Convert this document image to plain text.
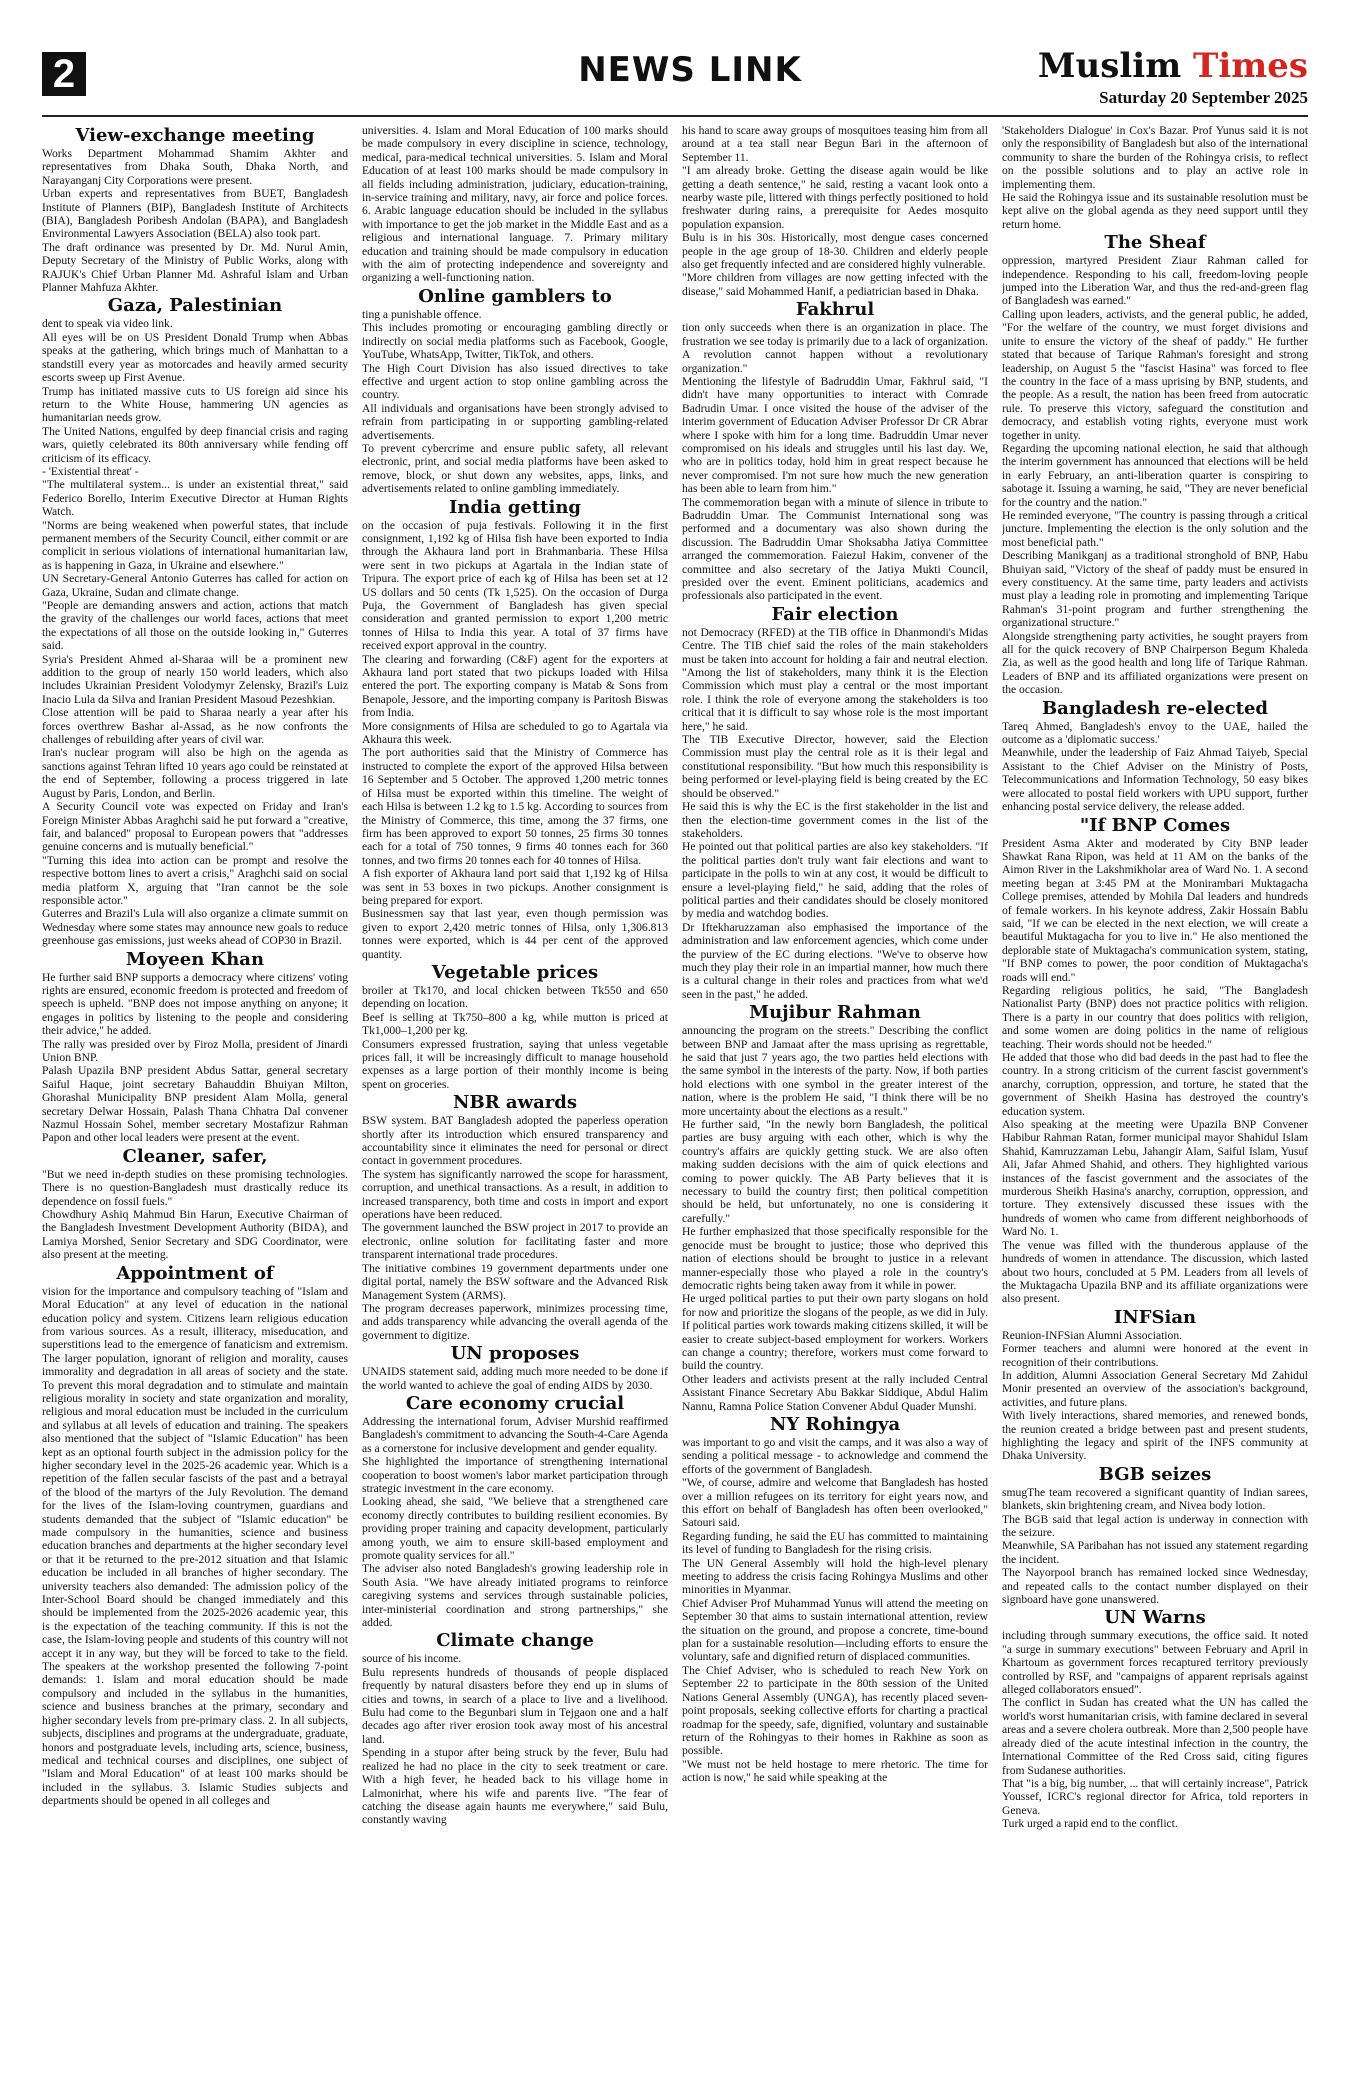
2	NEWS LINK	Muslim Times
Saturday 20 September 2025
View-exchange meeting

Works Department Mohammad Shamim Akhter and representatives from Dhaka South, Dhaka North, and Narayanganj City Corporations were present.

Urban experts and representatives from BUET, Bangladesh Institute of Planners (BIP), Bangladesh Institute of Architects (BIA), Bangladesh Poribesh Andolan (BAPA), and Bangladesh Environmental Lawyers Association (BELA) also took part.

The draft ordinance was presented by Dr. Md. Nurul Amin, Deputy Secretary of the Ministry of Public Works, along with RAJUK's Chief Urban Planner Md. Ashraful Islam and Urban Planner Mahfuza Akhter.

Gaza, Palestinian

dent to speak via video link.

All eyes will be on US President Donald Trump when Abbas speaks at the gathering, which brings much of Manhattan to a standstill every year as motorcades and heavily armed security escorts sweep up First Avenue.

Trump has initiated massive cuts to US foreign aid since his return to the White House, hammering UN agencies as humanitarian needs grow.

The United Nations, engulfed by deep financial crisis and raging wars, quietly celebrated its 80th anniversary while fending off criticism of its efficacy.

- 'Existential threat' -

"The multilateral system... is under an existential threat," said Federico Borello, Interim Executive Director at Human Rights Watch.

"Norms are being weakened when powerful states, that include permanent members of the Security Council, either commit or are complicit in serious violations of international humanitarian law, as is happening in Gaza, in Ukraine and elsewhere."

UN Secretary-General Antonio Guterres has called for action on Gaza, Ukraine, Sudan and climate change.

"People are demanding answers and action, actions that match the gravity of the challenges our world faces, actions that meet the expectations of all those on the outside looking in," Guterres said.

Syria's President Ahmed al-Sharaa will be a prominent new addition to the group of nearly 150 world leaders, which also includes Ukrainian President Volodymyr Zelensky, Brazil's Luiz Inacio Lula da Silva and Iranian President Masoud Pezeshkian.

Close attention will be paid to Sharaa nearly a year after his forces overthrew Bashar al-Assad, as he now confronts the challenges of rebuilding after years of civil war.

Iran's nuclear program will also be high on the agenda as sanctions against Tehran lifted 10 years ago could be reinstated at the end of September, following a process triggered in late August by Paris, London, and Berlin.

A Security Council vote was expected on Friday and Iran's Foreign Minister Abbas Araghchi said he put forward a "creative, fair, and balanced" proposal to European powers that "addresses genuine concerns and is mutually beneficial."

"Turning this idea into action can be prompt and resolve the respective bottom lines to avert a crisis," Araghchi said on social media platform X, arguing that "Iran cannot be the sole responsible actor."

Guterres and Brazil's Lula will also organize a climate summit on Wednesday where some states may announce new goals to reduce greenhouse gas emissions, just weeks ahead of COP30 in Brazil.

Moyeen Khan

He further said BNP supports a democracy where citizens' voting rights are ensured, economic freedom is protected and freedom of speech is upheld. "BNP does not impose anything on anyone; it engages in politics by listening to the people and considering their advice," he added.

The rally was presided over by Firoz Molla, president of Jinardi Union BNP.

Palash Upazila BNP president Abdus Sattar, general secretary Saiful Haque, joint secretary Bahauddin Bhuiyan Milton, Ghorashal Municipality BNP president Alam Molla, general secretary Delwar Hossain, Palash Thana Chhatra Dal convener Nazmul Hossain Sohel, member secretary Mostafizur Rahman Papon and other local leaders were present at the event.

Cleaner, safer,

"But we need in-depth studies on these promising technologies. There is no question-Bangladesh must drastically reduce its dependence on fossil fuels."

Chowdhury Ashiq Mahmud Bin Harun, Executive Chairman of the Bangladesh Investment Development Authority (BIDA), and Lamiya Morshed, Senior Secretary and SDG Coordinator, were also present at the meeting.

Appointment of

vision for the importance and compulsory teaching of "Islam and Moral Education" at any level of education in the national education policy and system. Citizens learn religious education from various sources. As a result, illiteracy, miseducation, and superstitions lead to the emergence of fanaticism and extremism. The larger population, ignorant of religion and morality, causes immorality and degradation in all areas of society and the state. To prevent this moral degradation and to stimulate and maintain religious morality in society and state organization and morality, religious and moral education must be included in the curriculum and syllabus at all levels of education and training. The speakers also mentioned that the subject of "Islamic Education" has been kept as an optional fourth subject in the admission policy for the higher secondary level in the 2025-26 academic year. Which is a repetition of the fallen secular fascists of the past and a betrayal of the blood of the martyrs of the July Revolution. The demand for the lives of the Islam-loving countrymen, guardians and students demanded that the subject of "Islamic education" be made compulsory in the humanities, science and business education branches and departments at the higher secondary level or that it be returned to the pre-2012 situation and that Islamic education be included in all branches of higher secondary. The university teachers also demanded: The admission policy of the Inter-School Board should be changed immediately and this should be implemented from the 2025-2026 academic year, this is the expectation of the teaching community. If this is not the case, the Islam-loving people and students of this country will not accept it in any way, but they will be forced to take to the field. The speakers at the workshop presented the following 7-point demands: 1. Islam and moral education should be made compulsory and included in the syllabus in the humanities, science and business branches at the primary, secondary and higher secondary levels from pre-primary class. 2. In all subjects, subjects, disciplines and programs at the undergraduate, graduate, honors and postgraduate levels, including arts, science, business, medical and technical courses and disciplines, one subject of "Islam and Moral Education" of at least 100 marks should be included in the syllabus. 3. Islamic Studies subjects and departments should be opened in all colleges and

universities. 4. Islam and Moral Education of 100 marks should be made compulsory in every discipline in science, technology, medical, para-medical technical universities. 5. Islam and Moral Education of at least 100 marks should be made compulsory in all fields including administration, judiciary, education-training, in-service training and military, navy, air force and police forces. 6. Arabic language education should be included in the syllabus with importance to get the job market in the Middle East and as a religious and international language. 7. Primary military education and training should be made compulsory in education with the aim of protecting independence and sovereignty and organizing a well-functioning nation.

Online gamblers to

ting a punishable offence.

This includes promoting or encouraging gambling directly or indirectly on social media platforms such as Facebook, Google, YouTube, WhatsApp, Twitter, TikTok, and others.

The High Court Division has also issued directives to take effective and urgent action to stop online gambling across the country.

All individuals and organisations have been strongly advised to refrain from participating in or supporting gambling-related advertisements.

To prevent cybercrime and ensure public safety, all relevant electronic, print, and social media platforms have been asked to remove, block, or shut down any websites, apps, links, and advertisements related to online gambling immediately.

India getting

on the occasion of puja festivals. Following it in the first consignment, 1,192 kg of Hilsa fish have been exported to India through the Akhaura land port in Brahmanbaria. These Hilsa were sent in two pickups at Agartala in the Indian state of Tripura. The export price of each kg of Hilsa has been set at 12 US dollars and 50 cents (Tk 1,525). On the occasion of Durga Puja, the Government of Bangladesh has given special consideration and granted permission to export 1,200 metric tonnes of Hilsa to India this year. A total of 37 firms have received export approval in the country.

The clearing and forwarding (C&F) agent for the exporters at Akhaura land port stated that two pickups loaded with Hilsa entered the port. The exporting company is Matab & Sons from Benapole, Jessore, and the importing company is Paritosh Biswas from India.

More consignments of Hilsa are scheduled to go to Agartala via Akhaura this week.

The port authorities said that the Ministry of Commerce has instructed to complete the export of the approved Hilsa between 16 September and 5 October. The approved 1,200 metric tonnes of Hilsa must be exported within this timeline. The weight of each Hilsa is between 1.2 kg to 1.5 kg. According to sources from the Ministry of Commerce, this time, among the 37 firms, one firm has been approved to export 50 tonnes, 25 firms 30 tonnes each for a total of 750 tonnes, 9 firms 40 tonnes each for 360 tonnes, and two firms 20 tonnes each for 40 tonnes of Hilsa.

A fish exporter of Akhaura land port said that 1,192 kg of Hilsa was sent in 53 boxes in two pickups. Another consignment is being prepared for export.

Businessmen say that last year, even though permission was given to export 2,420 metric tonnes of Hilsa, only 1,306.813 tonnes were exported, which is 44 per cent of the approved quantity.

Vegetable prices

broiler at Tk170, and local chicken between Tk550 and 650 depending on location.

Beef is selling at Tk750–800 a kg, while mutton is priced at Tk1,000–1,200 per kg.

Consumers expressed frustration, saying that unless vegetable prices fall, it will be increasingly difficult to manage household expenses as a large portion of their monthly income is being spent on groceries.

NBR awards

BSW system. BAT Bangladesh adopted the paperless operation shortly after its introduction which ensured transparency and accountability since it eliminates the need for personal or direct contact in government procedures.

The system has significantly narrowed the scope for harassment, corruption, and unethical transactions. As a result, in addition to increased transparency, both time and costs in import and export operations have been reduced.

The government launched the BSW project in 2017 to provide an electronic, online solution for facilitating faster and more transparent international trade procedures.

The initiative combines 19 government departments under one digital portal, namely the BSW software and the Advanced Risk Management System (ARMS).

The program decreases paperwork, minimizes processing time, and adds transparency while advancing the overall agenda of the government to digitize.

UN proposes

UNAIDS statement said, adding much more needed to be done if the world wanted to achieve the goal of ending AIDS by 2030.

Care economy crucial

Addressing the international forum, Adviser Murshid reaffirmed Bangladesh's commitment to advancing the South-4-Care Agenda as a cornerstone for inclusive development and gender equality.

She highlighted the importance of strengthening international cooperation to boost women's labor market participation through strategic investment in the care economy.

Looking ahead, she said, "We believe that a strengthened care economy directly contributes to building resilient economies. By providing proper training and capacity development, particularly among youth, we aim to ensure skill-based employment and promote quality services for all."

The adviser also noted Bangladesh's growing leadership role in South Asia. "We have already initiated programs to reinforce caregiving systems and services through sustainable policies, inter-ministerial coordination and strong partnerships," she added.

Climate change

source of his income.

Bulu represents hundreds of thousands of people displaced frequently by natural disasters before they end up in slums of cities and towns, in search of a place to live and a livelihood. Bulu had come to the Begunbari slum in Tejgaon one and a half decades ago after river erosion took away most of his ancestral land.

Spending in a stupor after being struck by the fever, Bulu had realized he had no place in the city to seek treatment or care. With a high fever, he headed back to his village home in Lalmonirhat, where his wife and parents live. "The fear of catching the disease again haunts me everywhere," said Bulu, constantly waving

his hand to scare away groups of mosquitoes teasing him from all around at a tea stall near Begun Bari in the afternoon of September 11.

"I am already broke. Getting the disease again would be like getting a death sentence," he said, resting a vacant look onto a nearby waste pile, littered with things perfectly positioned to hold freshwater during rains, a prerequisite for Aedes mosquito population expansion.

Bulu is in his 30s. Historically, most dengue cases concerned people in the age group of 18-30. Children and elderly people also get frequently infected and are considered highly vulnerable.

"More children from villages are now getting infected with the disease," said Mohammed Hanif, a pediatrician based in Dhaka.

Fakhrul

tion only succeeds when there is an organization in place. The frustration we see today is primarily due to a lack of organization. A revolution cannot happen without a revolutionary organization."

Mentioning the lifestyle of Badruddin Umar, Fakhrul said, "I didn't have many opportunities to interact with Comrade Badrudin Umar. I once visited the house of the adviser of the interim government of Education Adviser Professor Dr CR Abrar where I spoke with him for a long time. Badruddin Umar never compromised on his ideals and struggles until his last day. We, who are in politics today, hold him in great respect because he never compromised. I'm not sure how much the new generation has been able to learn from him."

The commemoration began with a minute of silence in tribute to Badruddin Umar. The Communist International song was performed and a documentary was also shown during the discussion. The Badruddin Umar Shoksabha Jatiya Committee arranged the commemoration. Faiezul Hakim, convener of the committee and also secretary of the Jatiya Mukti Council, presided over the event. Eminent politicians, academics and professionals also participated in the event.

Fair election

not Democracy (RFED) at the TIB office in Dhanmondi's Midas Centre. The TIB chief said the roles of the main stakeholders must be taken into account for holding a fair and neutral election. "Among the list of stakeholders, many think it is the Election Commission which must play a central or the most important role. I think the role of everyone among the stakeholders is too critical that it is difficult to say whose role is the most important here," he said.

The TIB Executive Director, however, said the Election Commission must play the central role as it is their legal and constitutional responsibility. "But how much this responsibility is being performed or level-playing field is being created by the EC should be observed."

He said this is why the EC is the first stakeholder in the list and then the election-time government comes in the list of the stakeholders.

He pointed out that political parties are also key stakeholders. "If the political parties don't truly want fair elections and want to participate in the polls to win at any cost, it would be difficult to ensure a level-playing field," he said, adding that the roles of political parties and their candidates should be closely monitored by media and watchdog bodies.

Dr Iftekharuzzaman also emphasised the importance of the administration and law enforcement agencies, which come under the purview of the EC during elections. "We've to observe how much they play their role in an impartial manner, how much there is a cultural change in their roles and practices from what we'd seen in the past," he added.

Mujibur Rahman

announcing the program on the streets." Describing the conflict between BNP and Jamaat after the mass uprising as regrettable, he said that just 7 years ago, the two parties held elections with the same symbol in the interests of the party. Now, if both parties hold elections with one symbol in the greater interest of the nation, where is the problem He said, "I think there will be no more uncertainty about the elections as a result."

He further said, "In the newly born Bangladesh, the political parties are busy arguing with each other, which is why the country's affairs are quickly getting stuck. We are also often making sudden decisions with the aim of quick elections and coming to power quickly. The AB Party believes that it is necessary to build the country first; then political competition should be held, but unfortunately, no one is considering it carefully."

He further emphasized that those specifically responsible for the genocide must be brought to justice; those who deprived this nation of elections should be brought to justice in a relevant manner-especially those who played a role in the country's democratic rights being taken away from it while in power.

He urged political parties to put their own party slogans on hold for now and prioritize the slogans of the people, as we did in July. If political parties work towards making citizens skilled, it will be easier to create subject-based employment for workers. Workers can change a country; therefore, workers must come forward to build the country.

Other leaders and activists present at the rally included Central Assistant Finance Secretary Abu Bakkar Siddique, Abdul Halim Nannu, Ramna Police Station Convener Abdul Quader Munshi.

NY Rohingya

was important to go and visit the camps, and it was also a way of sending a political message - to acknowledge and commend the efforts of the government of Bangladesh.

"We, of course, admire and welcome that Bangladesh has hosted over a million refugees on its territory for eight years now, and this effort on behalf of Bangladesh has often been overlooked," Satouri said.

Regarding funding, he said the EU has committed to maintaining its level of funding to Bangladesh for the rising crisis.

The UN General Assembly will hold the high-level plenary meeting to address the crisis facing Rohingya Muslims and other minorities in Myanmar.

Chief Adviser Prof Muhammad Yunus will attend the meeting on September 30 that aims to sustain international attention, review the situation on the ground, and propose a concrete, time-bound plan for a sustainable resolution—including efforts to ensure the voluntary, safe and dignified return of displaced communities.

The Chief Adviser, who is scheduled to reach New York on September 22 to participate in the 80th session of the United Nations General Assembly (UNGA), has recently placed seven-point proposals, seeking collective efforts for charting a practical roadmap for the speedy, safe, dignified, voluntary and sustainable return of the Rohingyas to their homes in Rakhine as soon as possible.

"We must not be held hostage to mere rhetoric. The time for action is now," he said while speaking at the

'Stakeholders Dialogue' in Cox's Bazar. Prof Yunus said it is not only the responsibility of Bangladesh but also of the international community to share the burden of the Rohingya crisis, to reflect on the possible solutions and to play an active role in implementing them.

He said the Rohingya issue and its sustainable resolution must be kept alive on the global agenda as they need support until they return home.

The Sheaf

oppression, martyred President Ziaur Rahman called for independence. Responding to his call, freedom-loving people jumped into the Liberation War, and thus the red-and-green flag of Bangladesh was earned."

Calling upon leaders, activists, and the general public, he added, "For the welfare of the country, we must forget divisions and unite to ensure the victory of the sheaf of paddy." He further stated that because of Tarique Rahman's foresight and strong leadership, on August 5 the "fascist Hasina" was forced to flee the country in the face of a mass uprising by BNP, students, and the people. As a result, the nation has been freed from autocratic rule. To preserve this victory, safeguard the constitution and democracy, and establish voting rights, everyone must work together in unity.

Regarding the upcoming national election, he said that although the interim government has announced that elections will be held in early February, an anti-liberation quarter is conspiring to sabotage it. Issuing a warning, he said, "They are never beneficial for the country and the nation."

He reminded everyone, "The country is passing through a critical juncture. Implementing the election is the only solution and the most beneficial path."

Describing Manikganj as a traditional stronghold of BNP, Habu Bhuiyan said, "Victory of the sheaf of paddy must be ensured in every constituency. At the same time, party leaders and activists must play a leading role in promoting and implementing Tarique Rahman's 31-point program and further strengthening the organizational structure."

Alongside strengthening party activities, he sought prayers from all for the quick recovery of BNP Chairperson Begum Khaleda Zia, as well as the good health and long life of Tarique Rahman. Leaders of BNP and its affiliated organizations were present on the occasion.

Bangladesh re-elected

Tareq Ahmed, Bangladesh's envoy to the UAE, hailed the outcome as a 'diplomatic success.'

Meanwhile, under the leadership of Faiz Ahmad Taiyeb, Special Assistant to the Chief Adviser on the Ministry of Posts, Telecommunications and Information Technology, 50 easy bikes were allocated to postal field workers with UPU support, further enhancing postal service delivery, the release added.

"If BNP Comes

President Asma Akter and moderated by City BNP leader Shawkat Rana Ripon, was held at 11 AM on the banks of the Aimon River in the Lakshmikholar area of Ward No. 1. A second meeting began at 3:45 PM at the Monirambari Muktagacha College premises, attended by Mohila Dal leaders and hundreds of female workers. In his keynote address, Zakir Hossain Bablu said, "If we can be elected in the next election, we will create a beautiful Muktagacha for you to live in." He also mentioned the deplorable state of Muktagacha's communication system, stating, "If BNP comes to power, the poor condition of Muktagacha's roads will end."

Regarding religious politics, he said, "The Bangladesh Nationalist Party (BNP) does not practice politics with religion. There is a party in our country that does politics with religion, and some women are doing politics in the name of religious teaching. Their words should not be heeded."

He added that those who did bad deeds in the past had to flee the country. In a strong criticism of the current fascist government's anarchy, corruption, oppression, and torture, he stated that the government of Sheikh Hasina has destroyed the country's education system.

Also speaking at the meeting were Upazila BNP Convener Habibur Rahman Ratan, former municipal mayor Shahidul Islam Shahid, Kamruzzaman Lebu, Jahangir Alam, Saiful Islam, Yusuf Ali, Jafar Ahmed Shahid, and others. They highlighted various instances of the fascist government and the associates of the murderous Sheikh Hasina's anarchy, corruption, oppression, and torture. They extensively discussed these issues with the hundreds of women who came from different neighborhoods of Ward No. 1.

The venue was filled with the thunderous applause of the hundreds of women in attendance. The discussion, which lasted about two hours, concluded at 5 PM. Leaders from all levels of the Muktagacha Upazila BNP and its affiliate organizations were also present.

INFSian

Reunion-INFSian Alumni Association.

Former teachers and alumni were honored at the event in recognition of their contributions.

In addition, Alumni Association General Secretary Md Zahidul Monir presented an overview of the association's background, activities, and future plans.

With lively interactions, shared memories, and renewed bonds, the reunion created a bridge between past and present students, highlighting the legacy and spirit of the INFS community at Dhaka University.

BGB seizes

smugThe team recovered a significant quantity of Indian sarees, blankets, skin brightening cream, and Nivea body lotion.

The BGB said that legal action is underway in connection with the seizure.

Meanwhile, SA Paribahan has not issued any statement regarding the incident.

The Nayorpool branch has remained locked since Wednesday, and repeated calls to the contact number displayed on their signboard have gone unanswered.

UN Warns

including through summary executions, the office said. It noted "a surge in summary executions" between February and April in Khartoum as government forces recaptured territory previously controlled by RSF, and "campaigns of apparent reprisals against alleged collaborators ensued".

The conflict in Sudan has created what the UN has called the world's worst humanitarian crisis, with famine declared in several areas and a severe cholera outbreak. More than 2,500 people have already died of the acute intestinal infection in the country, the International Committee of the Red Cross said, citing figures from Sudanese authorities.

That "is a big, big number, ... that will certainly increase", Patrick Youssef, ICRC's regional director for Africa, told reporters in Geneva.

Turk urged a rapid end to the conflict.
